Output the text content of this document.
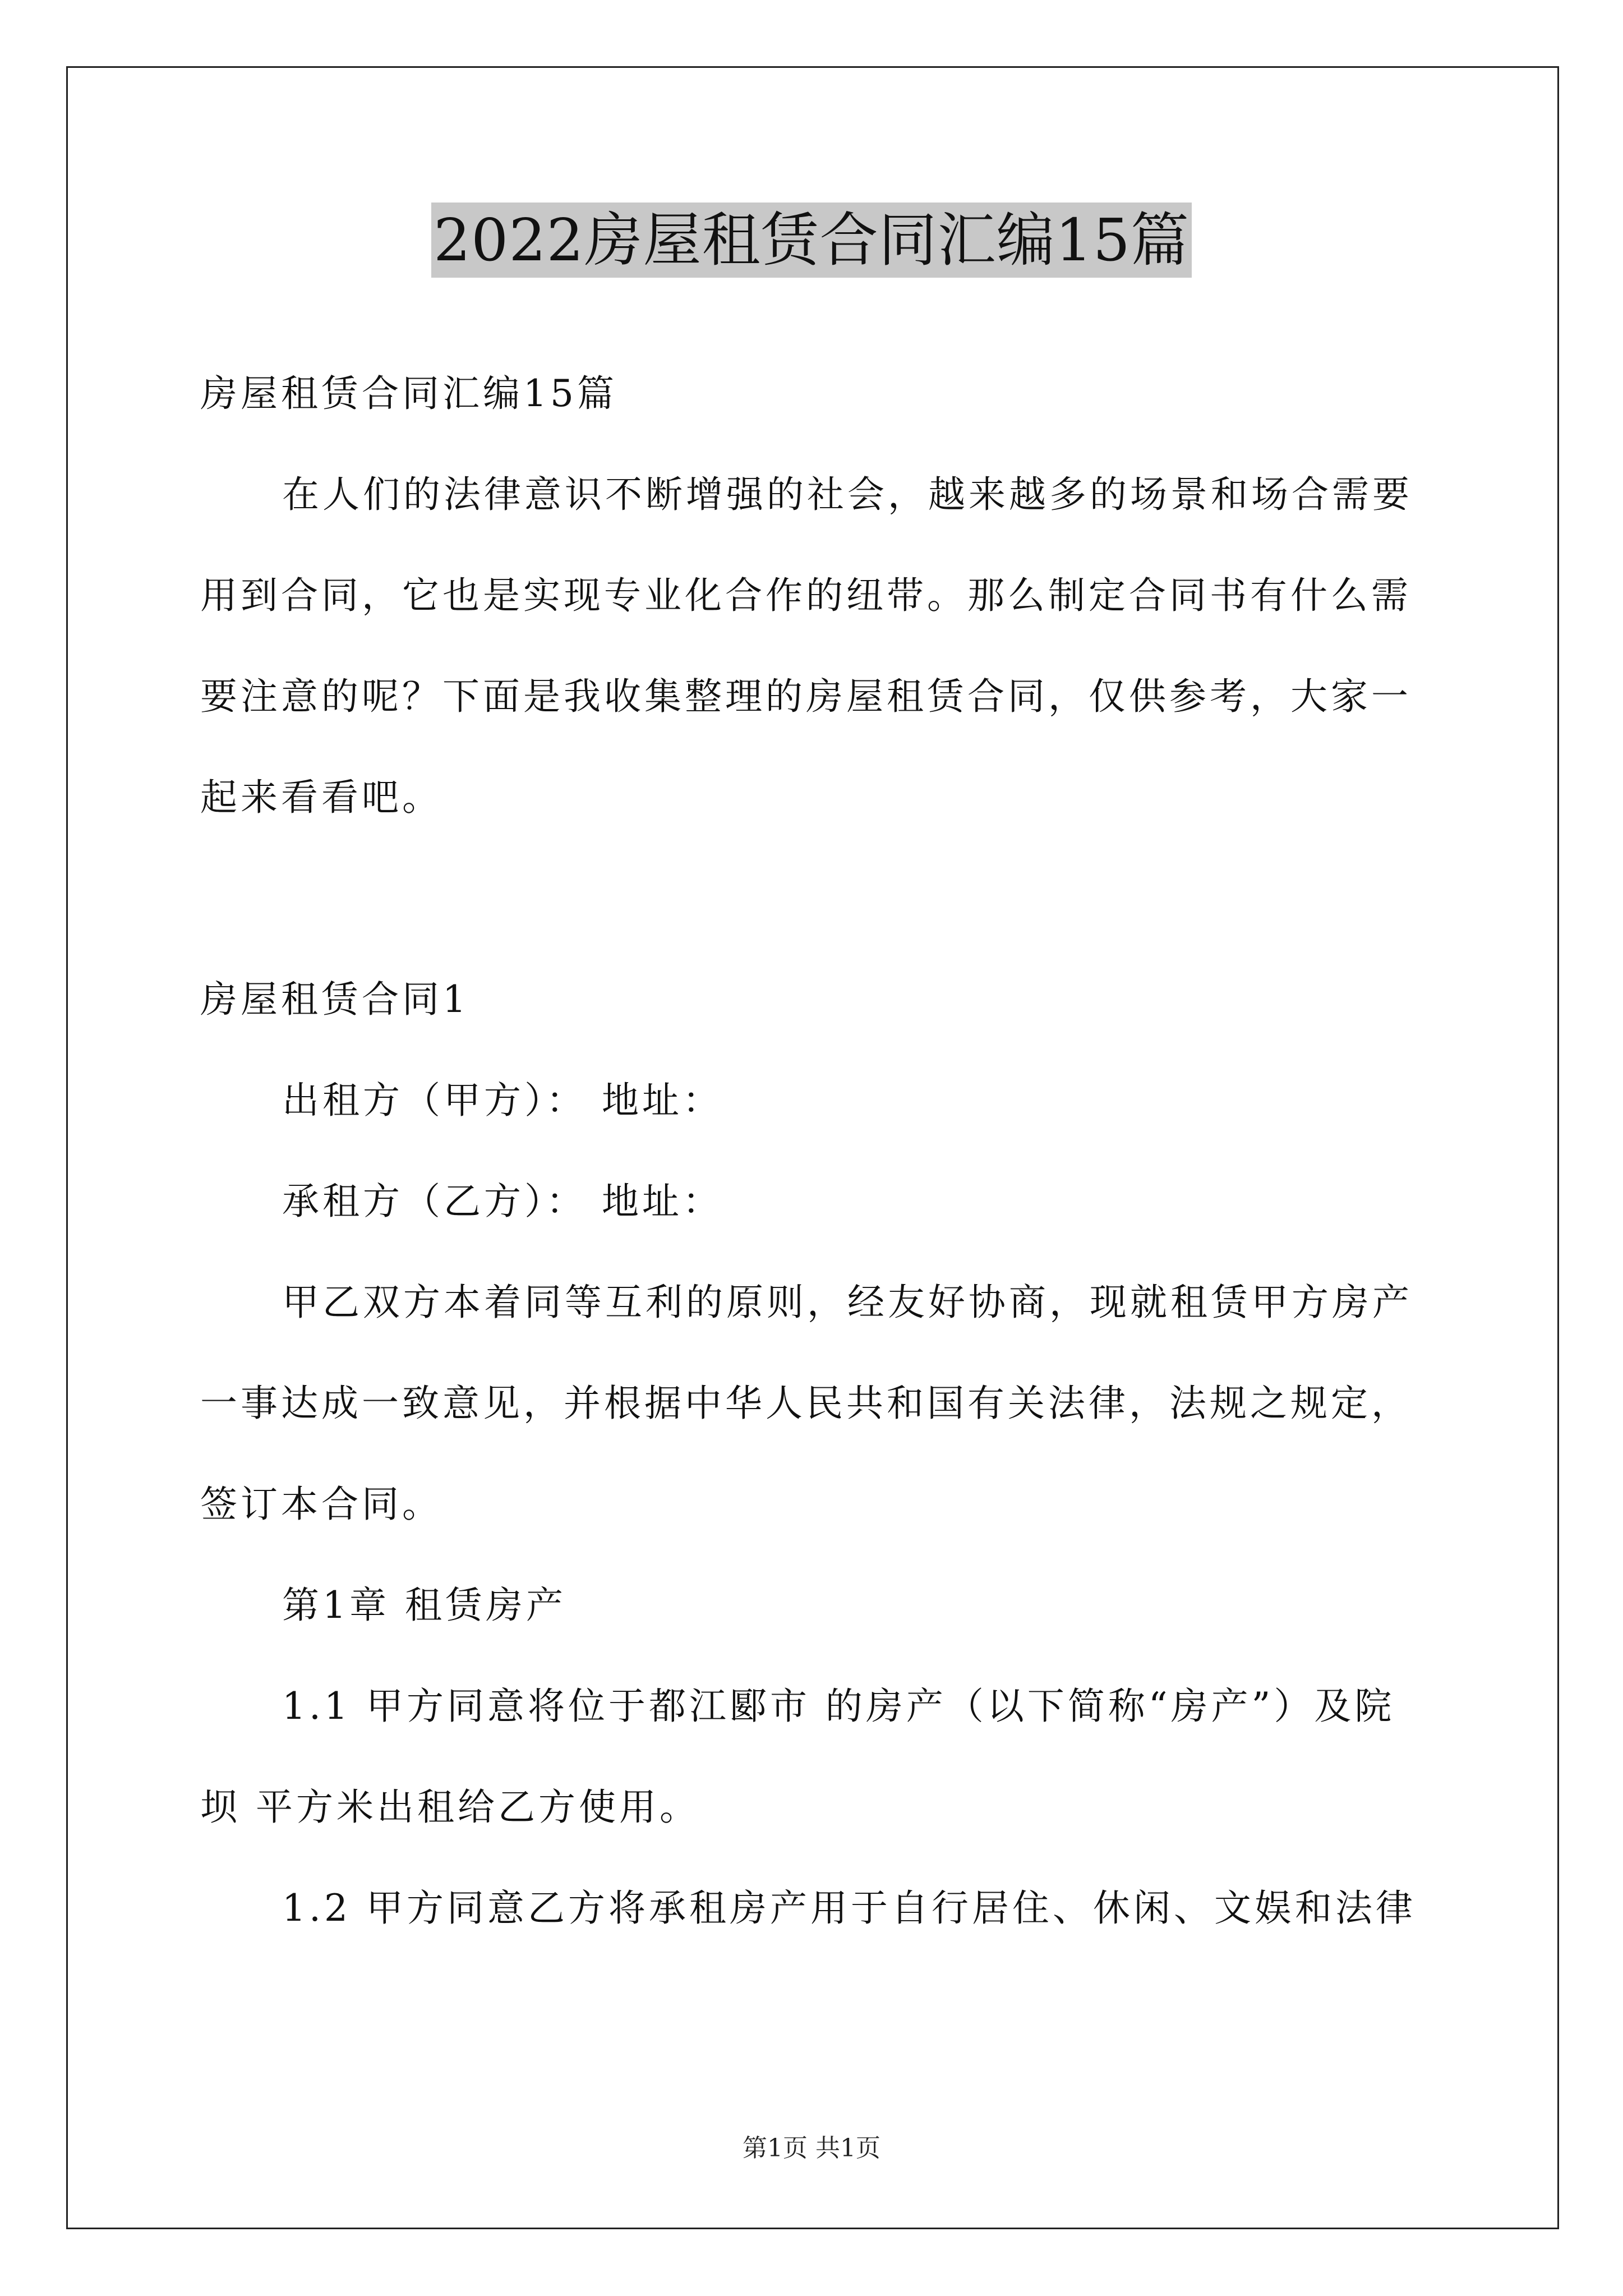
2022房屋租赁合同汇编15篇

房屋租赁合同汇编15篇

在人们的法律意识不断增强的社会，越来越多的场景和场合需要用到合同，它也是实现专业化合作的纽带。那么制定合同书有什么需要注意的呢？下面是我收集整理的房屋租赁合同，仅供参考，大家一起来看看吧。

房屋租赁合同1

出租方（甲方）： 地址：

承租方（乙方）： 地址：

甲乙双方本着同等互利的原则，经友好协商，现就租赁甲方房产一事达成一致意见，并根据中华人民共和国有关法律，法规之规定，签订本合同。

第1章 租赁房产

1.1 甲方同意将位于都江郾市 的房产（以下简称“房产”）及院坝 平方米出租给乙方使用。

1.2 甲方同意乙方将承租房产用于自行居住、休闲、文娱和法律

第1页 共1页
